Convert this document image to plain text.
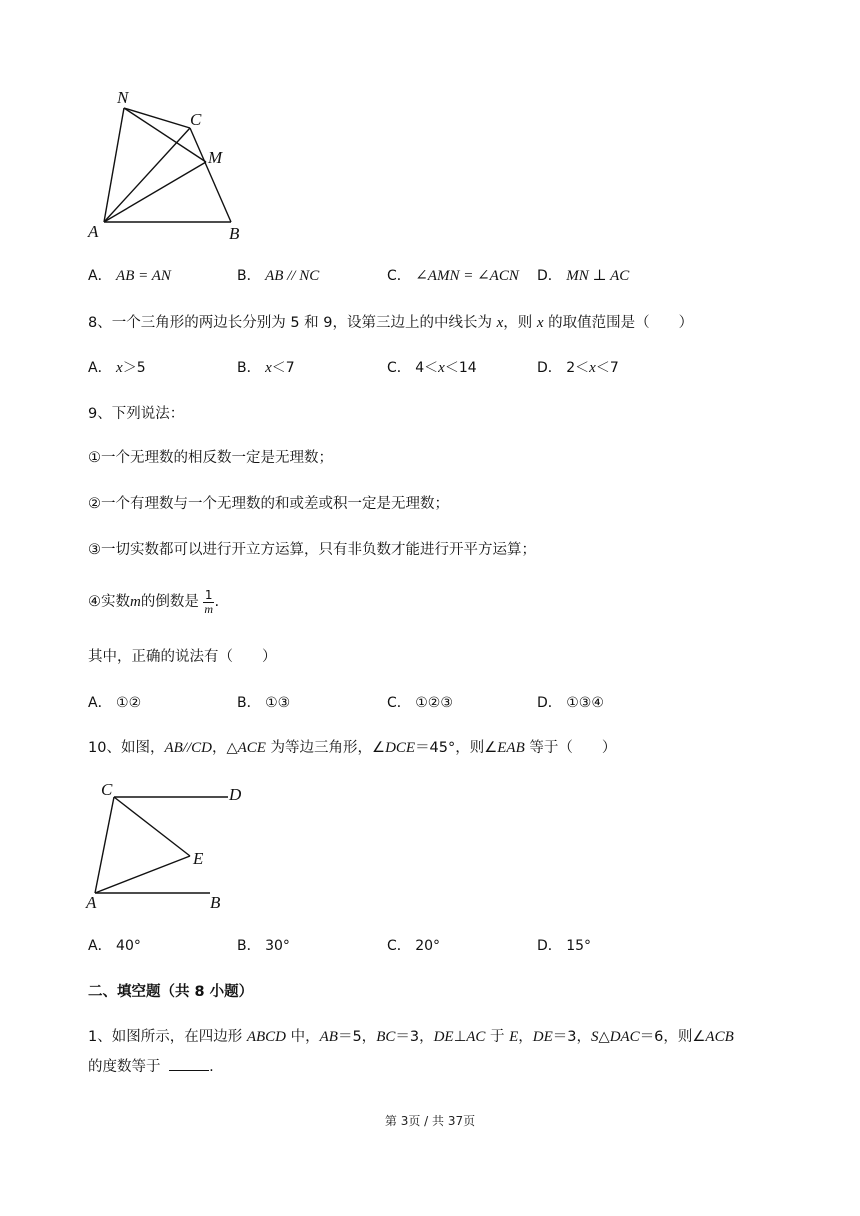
N
C
M
A	B
A． AB = AN	B． AB // NC	C． ∠AMN = ∠ACN D． MN ⊥ AC
8、一个三角形的两边长分别为 5 和 9，设第三边上的中线长为 x，则 x 的取值范围是（　　）
A． x＞5	B． x＜7	C． 4＜x＜14	D． 2＜x＜7
9、下列说法：
①一个无理数的相反数一定是无理数；
②一个有理数与一个无理数的和或差或积一定是无理数；
③一切实数都可以进行开立方运算，只有非负数才能进行开平方运算；
④实数m的倒数是 $\frac{1}{m}$ .
其中，正确的说法有（　　）
A． ①②	B． ①③	C． ①②③	D． ①③④
10、如图，AB//CD，△ACE 为等边三角形，∠DCE＝45°，则∠EAB 等于（　　）
C	D
E
A	B
A． 40°	B． 30°	C． 20°	D． 15°
二、填空题（共 8 小题）
1、如图所示，在四边形 ABCD 中，AB＝5，BC＝3，DE⊥AC 于 E，DE＝3，S△DAC＝6，则∠ACB
的度数等于	.
第 3页 / 共 37页
